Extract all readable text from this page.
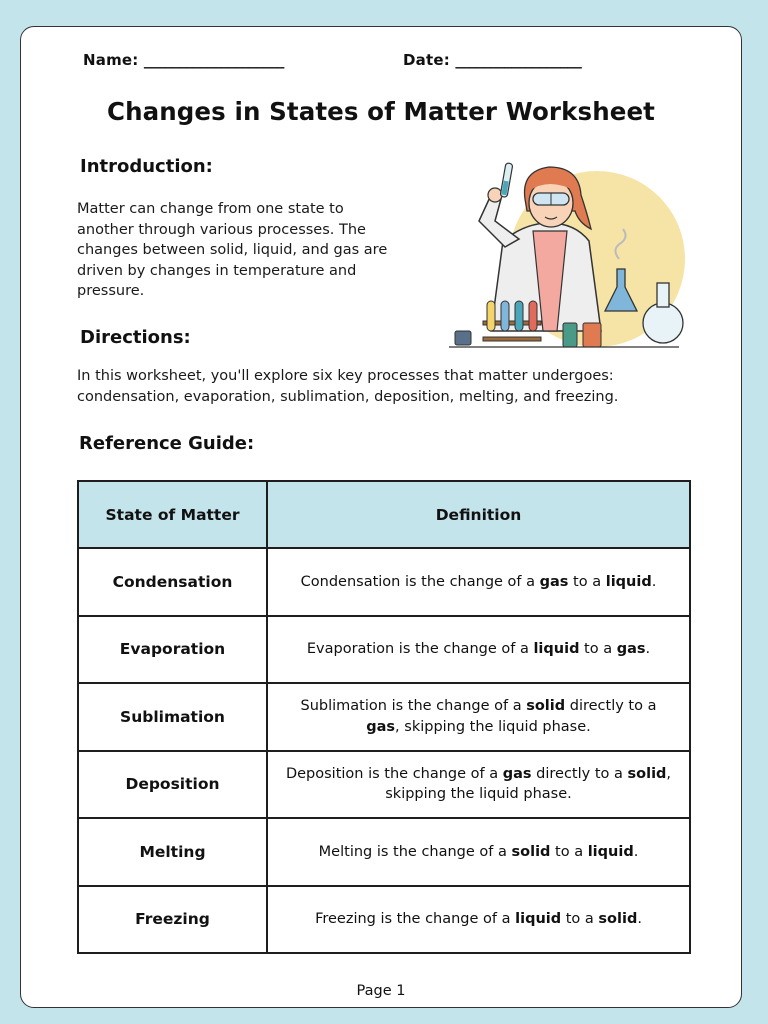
Name: ____________________	Date: __________________
Changes in States of Matter Worksheet
Introduction:
Matter can change from one state to
another through various processes. The
changes between solid, liquid, and gas are
driven by changes in temperature and
pressure.
Directions:
In this worksheet, you'll explore six key processes that matter undergoes:
condensation, evaporation, sublimation, deposition, melting, and freezing.
Reference Guide:
State of Matter	Definition
Condensation	Condensation is the change of a gas to a liquid.
Evaporation	Evaporation is the change of a liquid to a gas.
Sublimation	Sublimation is the change of a solid directly to a gas, skipping the liquid phase.
Deposition	Deposition is the change of a gas directly to a solid, skipping the liquid phase.
Melting	Melting is the change of a solid to a liquid.
Freezing	Freezing is the change of a liquid to a solid.
Page 1
